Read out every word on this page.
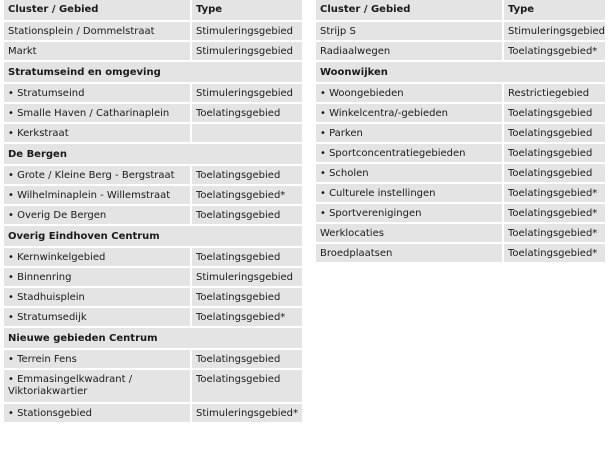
Cluster / Gebied	Type
Stationsplein / Dommelstraat	Stimuleringsgebied
Markt	Stimuleringsgebied
Stratumseind en omgeving	
• Stratumseind	Stimuleringsgebied
• Smalle Haven / Catharinaplein	Toelatingsgebied
• Kerkstraat	
De Bergen	
• Grote / Kleine Berg - Bergstraat	Toelatingsgebied
• Wilhelminaplein - Willemstraat	Toelatingsgebied*
• Overig De Bergen	Toelatingsgebied
Overig Eindhoven Centrum	
• Kernwinkelgebied	Toelatingsgebied
• Binnenring	Stimuleringsgebied
• Stadhuisplein	Toelatingsgebied
• Stratumsedijk	Toelatingsgebied*
Nieuwe gebieden Centrum	
• Terrein Fens	Toelatingsgebied
• Emmasingelkwadrant / Viktoriakwartier	Toelatingsgebied
• Stationsgebied	Stimuleringsgebied*
Cluster / Gebied	Type
Strijp S	Stimuleringsgebied
Radiaalwegen	Toelatingsgebied*
Woonwijken	
• Woongebieden	Restrictiegebied
• Winkelcentra/-gebieden	Toelatingsgebied
• Parken	Toelatingsgebied
• Sportconcentratiegebieden	Toelatingsgebied
• Scholen	Toelatingsgebied
• Culturele instellingen	Toelatingsgebied*
• Sportverenigingen	Toelatingsgebied*
Werklocaties	Toelatingsgebied*
Broedplaatsen	Toelatingsgebied*
